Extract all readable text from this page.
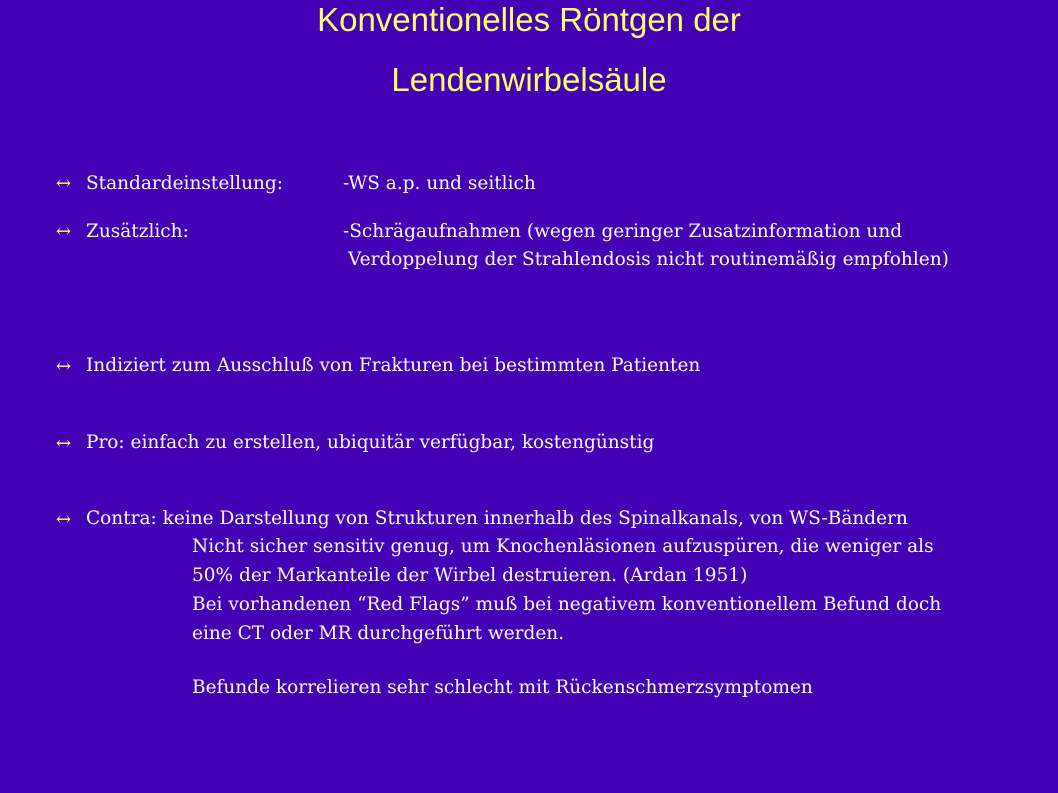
Konventionelles Röntgen der
Lendenwirbelsäule
↔ Standardeinstellung:	-WS a.p. und seitlich
↔ Zusätzlich:	-Schrägaufnahmen (wegen geringer Zusatzinformation und
Verdoppelung der Strahlendosis nicht routinemäßig empfohlen)
↔ Indiziert zum Ausschluß von Frakturen bei bestimmten Patienten
↔ Pro: einfach zu erstellen, ubiquitär verfügbar, kostengünstig
↔ Contra: keine Darstellung von Strukturen innerhalb des Spinalkanals, von WS-Bändern
Nicht sicher sensitiv genug, um Knochenläsionen aufzuspüren, die weniger als
50% der Markanteile der Wirbel destruieren. (Ardan 1951)
Bei vorhandenen “Red Flags” muß bei negativem konventionellem Befund doch
eine CT oder MR durchgeführt werden.
Befunde korrelieren sehr schlecht mit Rückenschmerzsymptomen
